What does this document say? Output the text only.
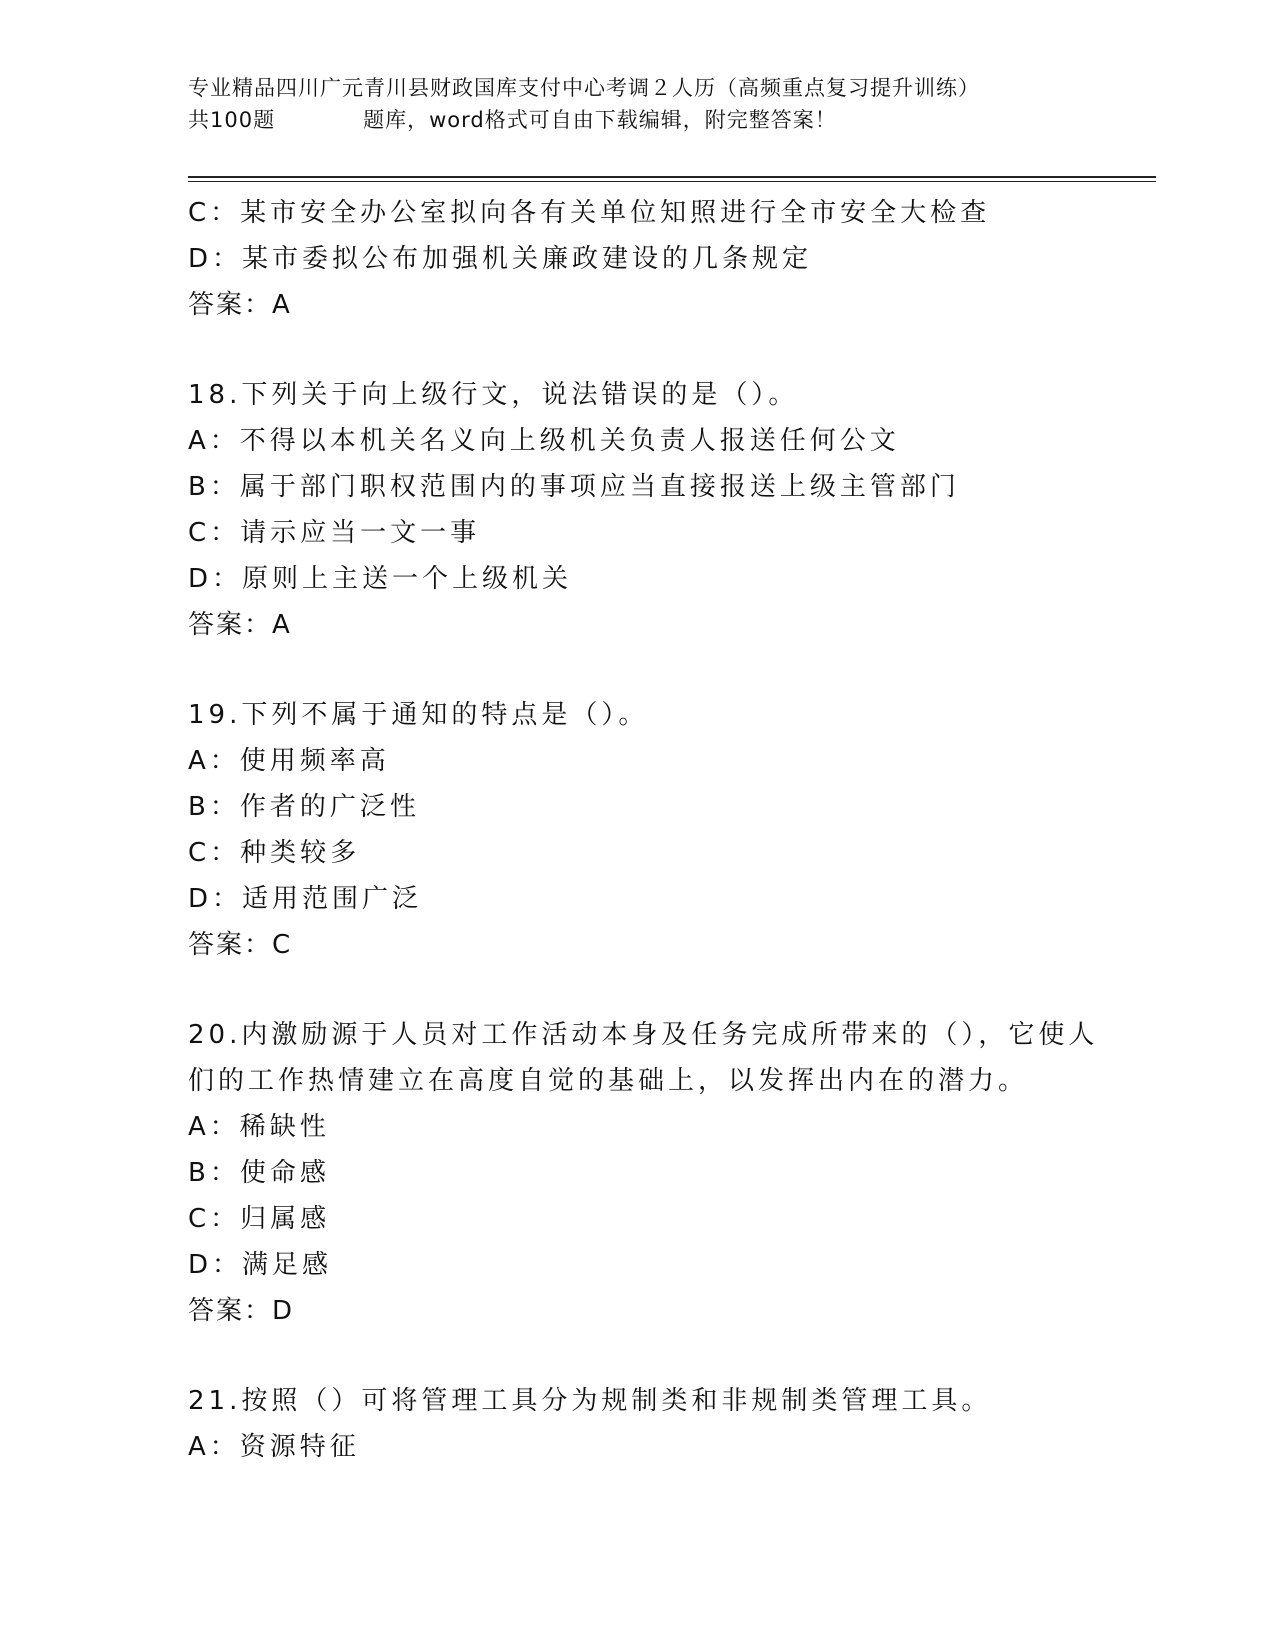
专业精品四川广元青川县财政国库支付中心考调２人历（高频重点复习提升训练）
共100题	题库，word格式可自由下载编辑，附完整答案！
C：某市安全办公室拟向各有关单位知照进行全市安全大检查
D：某市委拟公布加强机关廉政建设的几条规定
答案：A
18.下列关于向上级行文，说法错误的是（）。
A：不得以本机关名义向上级机关负责人报送任何公文
B：属于部门职权范围内的事项应当直接报送上级主管部门
C：请示应当一文一事
D：原则上主送一个上级机关
答案：A
19.下列不属于通知的特点是（）。
A：使用频率高
B：作者的广泛性
C：种类较多
D：适用范围广泛
答案：C
20.内激励源于人员对工作活动本身及任务完成所带来的（），它使人
们的工作热情建立在高度自觉的基础上，以发挥出内在的潜力。
A：稀缺性
B：使命感
C：归属感
D：满足感
答案：D
21.按照（）可将管理工具分为规制类和非规制类管理工具。
A：资源特征
